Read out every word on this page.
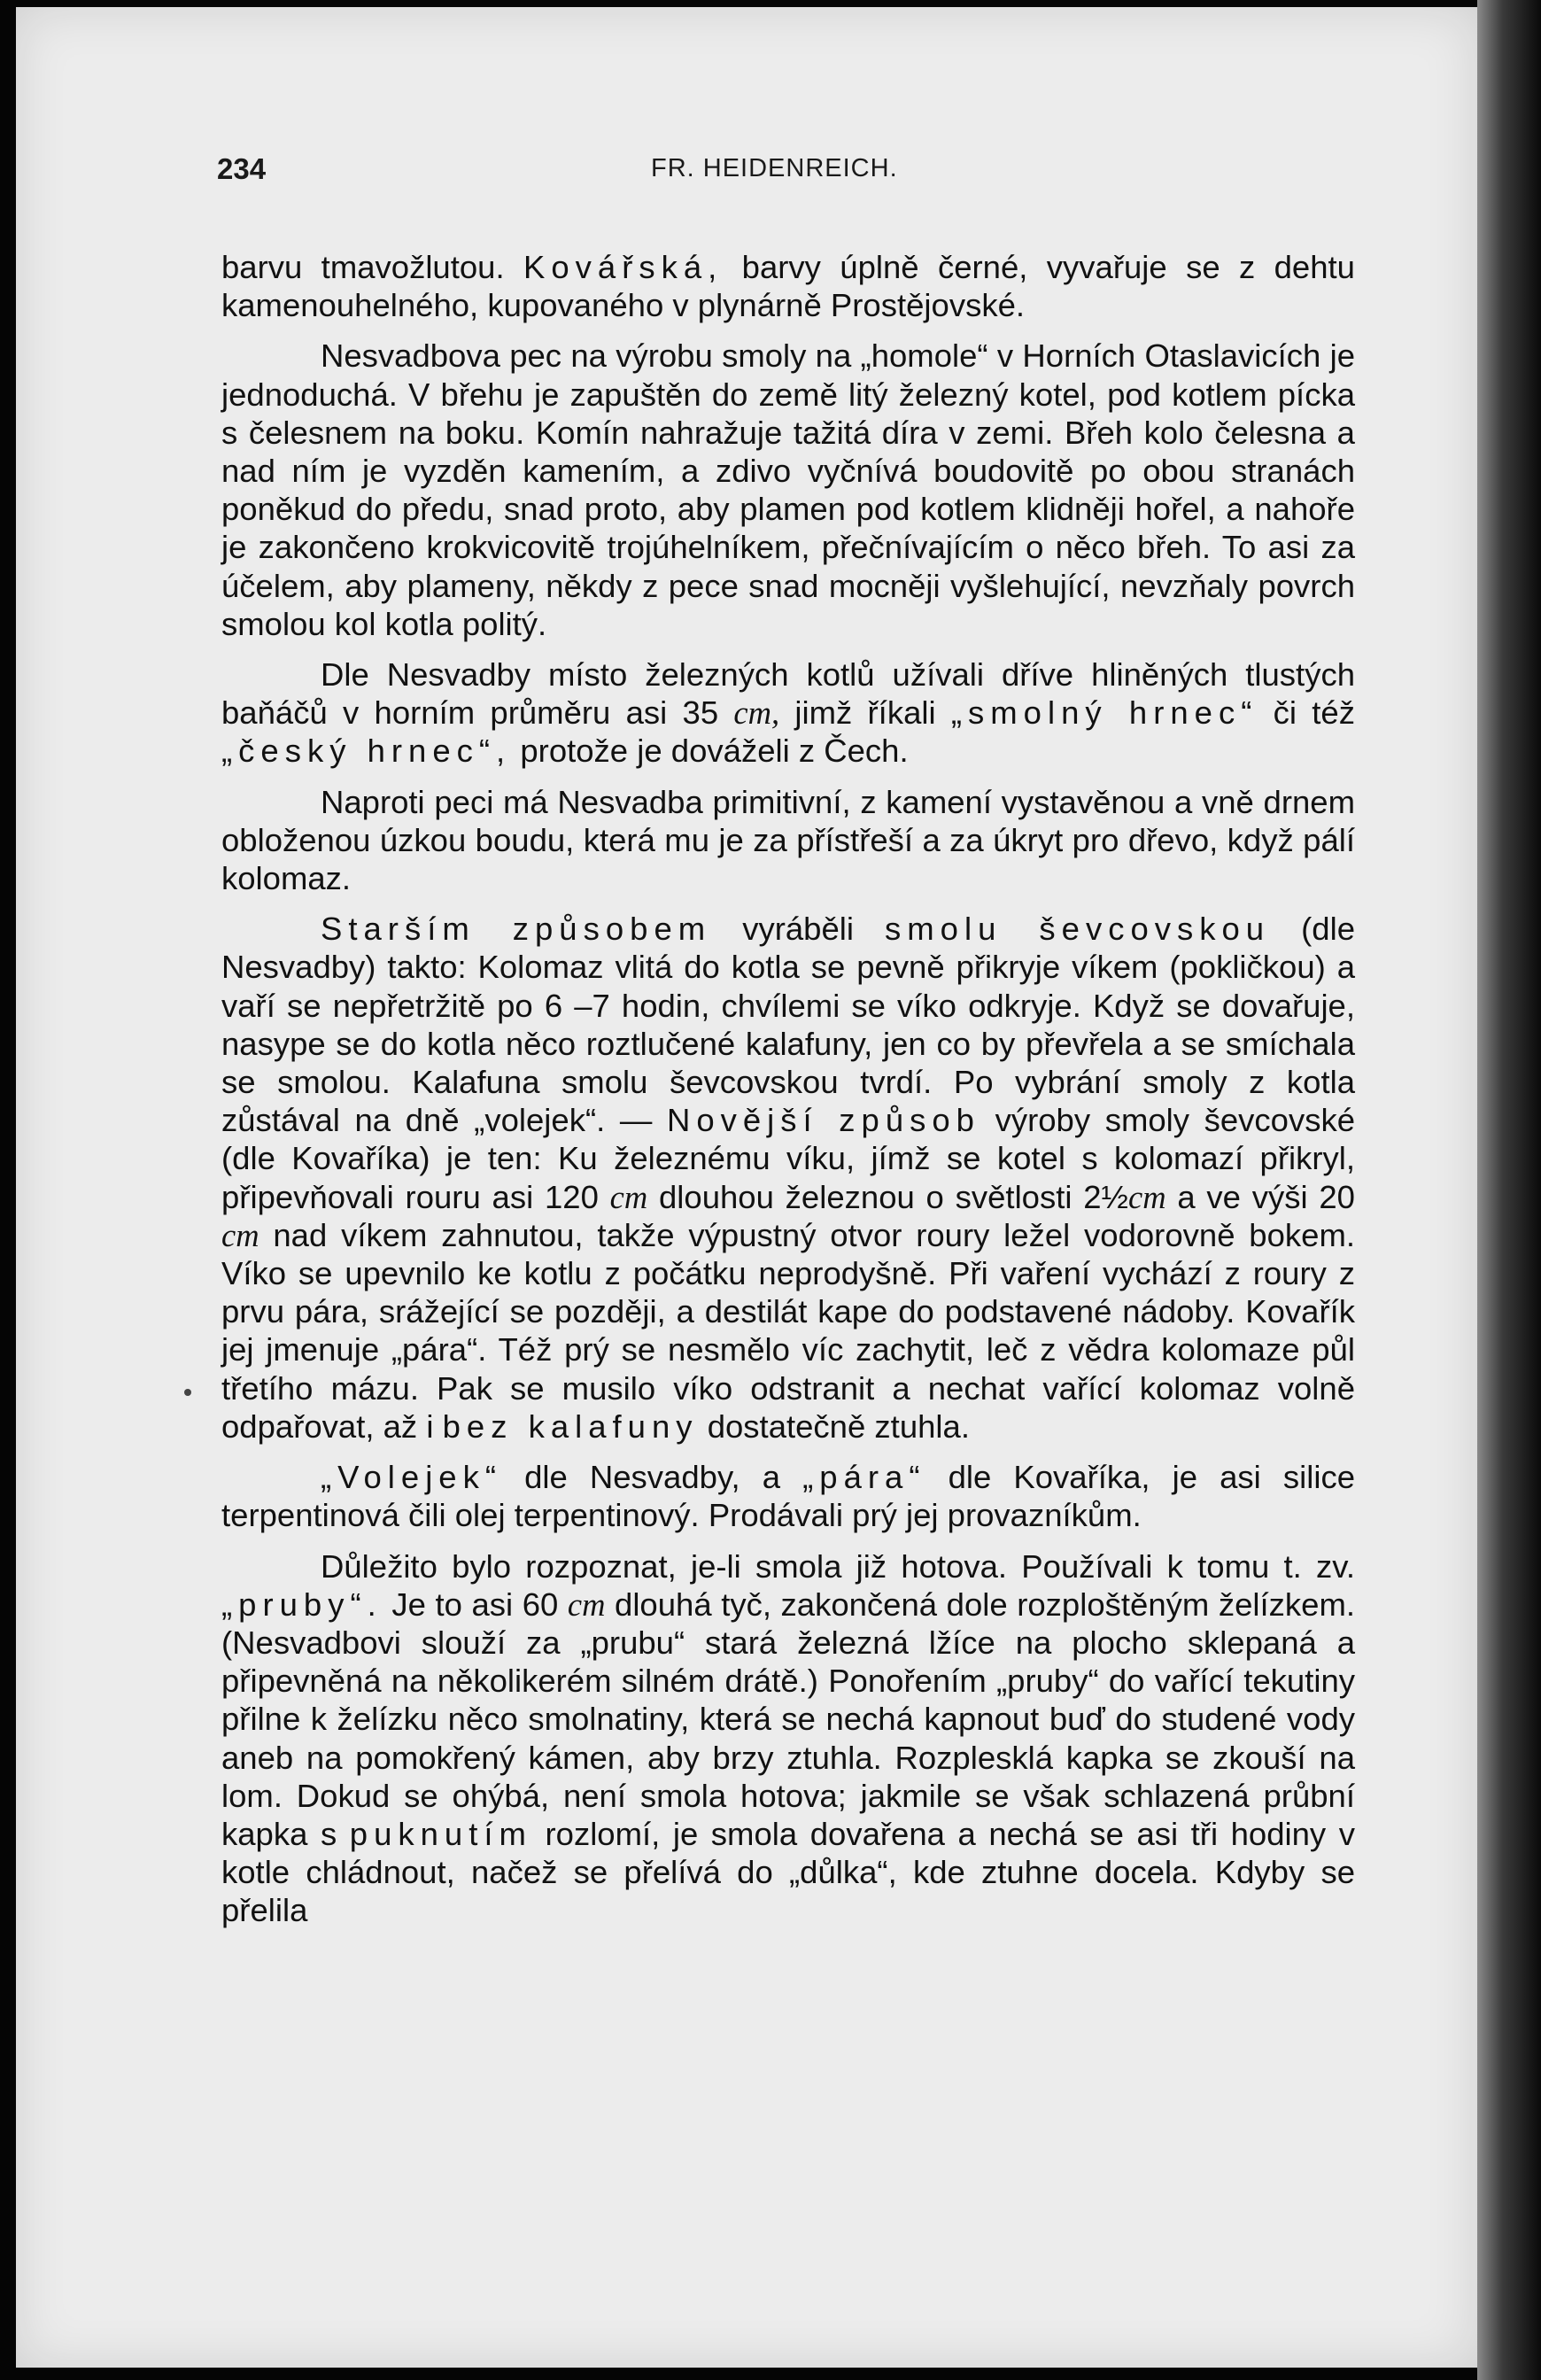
234	FR. HEIDENREICH.

barvu tmavožlutou. Kovářská, barvy úplně černé, vyvařuje se z dehtu kamenouhelného, kupovaného v plynárně Prostějovské.

Nesvadbova pec na výrobu smoly na „homole“ v Horních Otaslavicích je jednoduchá. V břehu je zapuštěn do země litý železný kotel, pod kotlem pícka s čelesnem na boku. Komín nahražuje tažitá díra v zemi. Břeh kolo čelesna a nad ním je vyzděn kamením, a zdivo vyčnívá boudovitě po obou stranách poněkud do předu, snad proto, aby plamen pod kotlem klidněji hořel, a nahoře je zakončeno krokvicovitě trojúhelníkem, přečnívajícím o něco břeh. To asi za účelem, aby plameny, někdy z pece snad mocněji vyšlehující, nevzňaly povrch smolou kol kotla politý.

Dle Nesvadby místo železných kotlů užívali dříve hliněných tlustých baňáčů v horním průměru asi 35 cm, jimž říkali „smolný hrnec“ či též „český hrnec“, protože je dováželi z Čech.

Naproti peci má Nesvadba primitivní, z kamení vystavěnou a vně drnem obloženou úzkou boudu, která mu je za přístřeší a za úkryt pro dřevo, když pálí kolomaz.

Starším způsobem vyráběli smolu ševcovskou (dle Nesvadby) takto: Kolomaz vlitá do kotla se pevně přikryje víkem (pokličkou) a vaří se nepřetržitě po 6 –7 hodin, chvílemi se víko odkryje. Když se dovařuje, nasype se do kotla něco roztlučené kalafuny, jen co by převřela a se smíchala se smolou. Kalafuna smolu ševcovskou tvrdí. Po vybrání smoly z kotla zůstával na dně „volejek“. — Novější způsob výroby smoly ševcovské (dle Kovaříka) je ten: Ku železnému víku, jímž se kotel s kolomazí přikryl, připevňovali rouru asi 120 cm dlouhou železnou o světlosti 2½cm a ve výši 20 cm nad víkem zahnutou, takže výpustný otvor roury ležel vodorovně bokem. Víko se upevnilo ke kotlu z počátku neprodyšně. Při vaření vychází z roury z prvu pára, srážející se později, a destilát kape do podstavené nádoby. Kovařík jej jmenuje „pára“. Též prý se nesmělo víc zachytit, leč z vědra kolomaze půl třetího mázu. Pak se musilo víko odstranit a nechat vařící kolomaz volně odpařovat, až i bez kalafuny dostatečně ztuhla.

„Volejek“ dle Nesvadby, a „pára“ dle Kovaříka, je asi silice terpentinová čili olej terpentinový. Prodávali prý jej provazníkům.

Důležito bylo rozpoznat, je-li smola již hotova. Používali k tomu t. zv. „pruby“. Je to asi 60 cm dlouhá tyč, zakončená dole rozploštěným želízkem. (Nesvadbovi slouží za „prubu“ stará železná lžíce na plocho sklepaná a připevněná na několikerém silném drátě.) Ponořením „pruby“ do vařící tekutiny přilne k želízku něco smolnatiny, která se nechá kapnout buď do studené vody aneb na pomokřený kámen, aby brzy ztuhla. Rozplesklá kapka se zkouší na lom. Dokud se ohýbá, není smola hotova; jakmile se však schlazená průbní kapka s puknutím rozlomí, je smola dovařena a nechá se asi tři hodiny v kotle chládnout, načež se přelívá do „důlka“, kde ztuhne docela. Kdyby se přelila
